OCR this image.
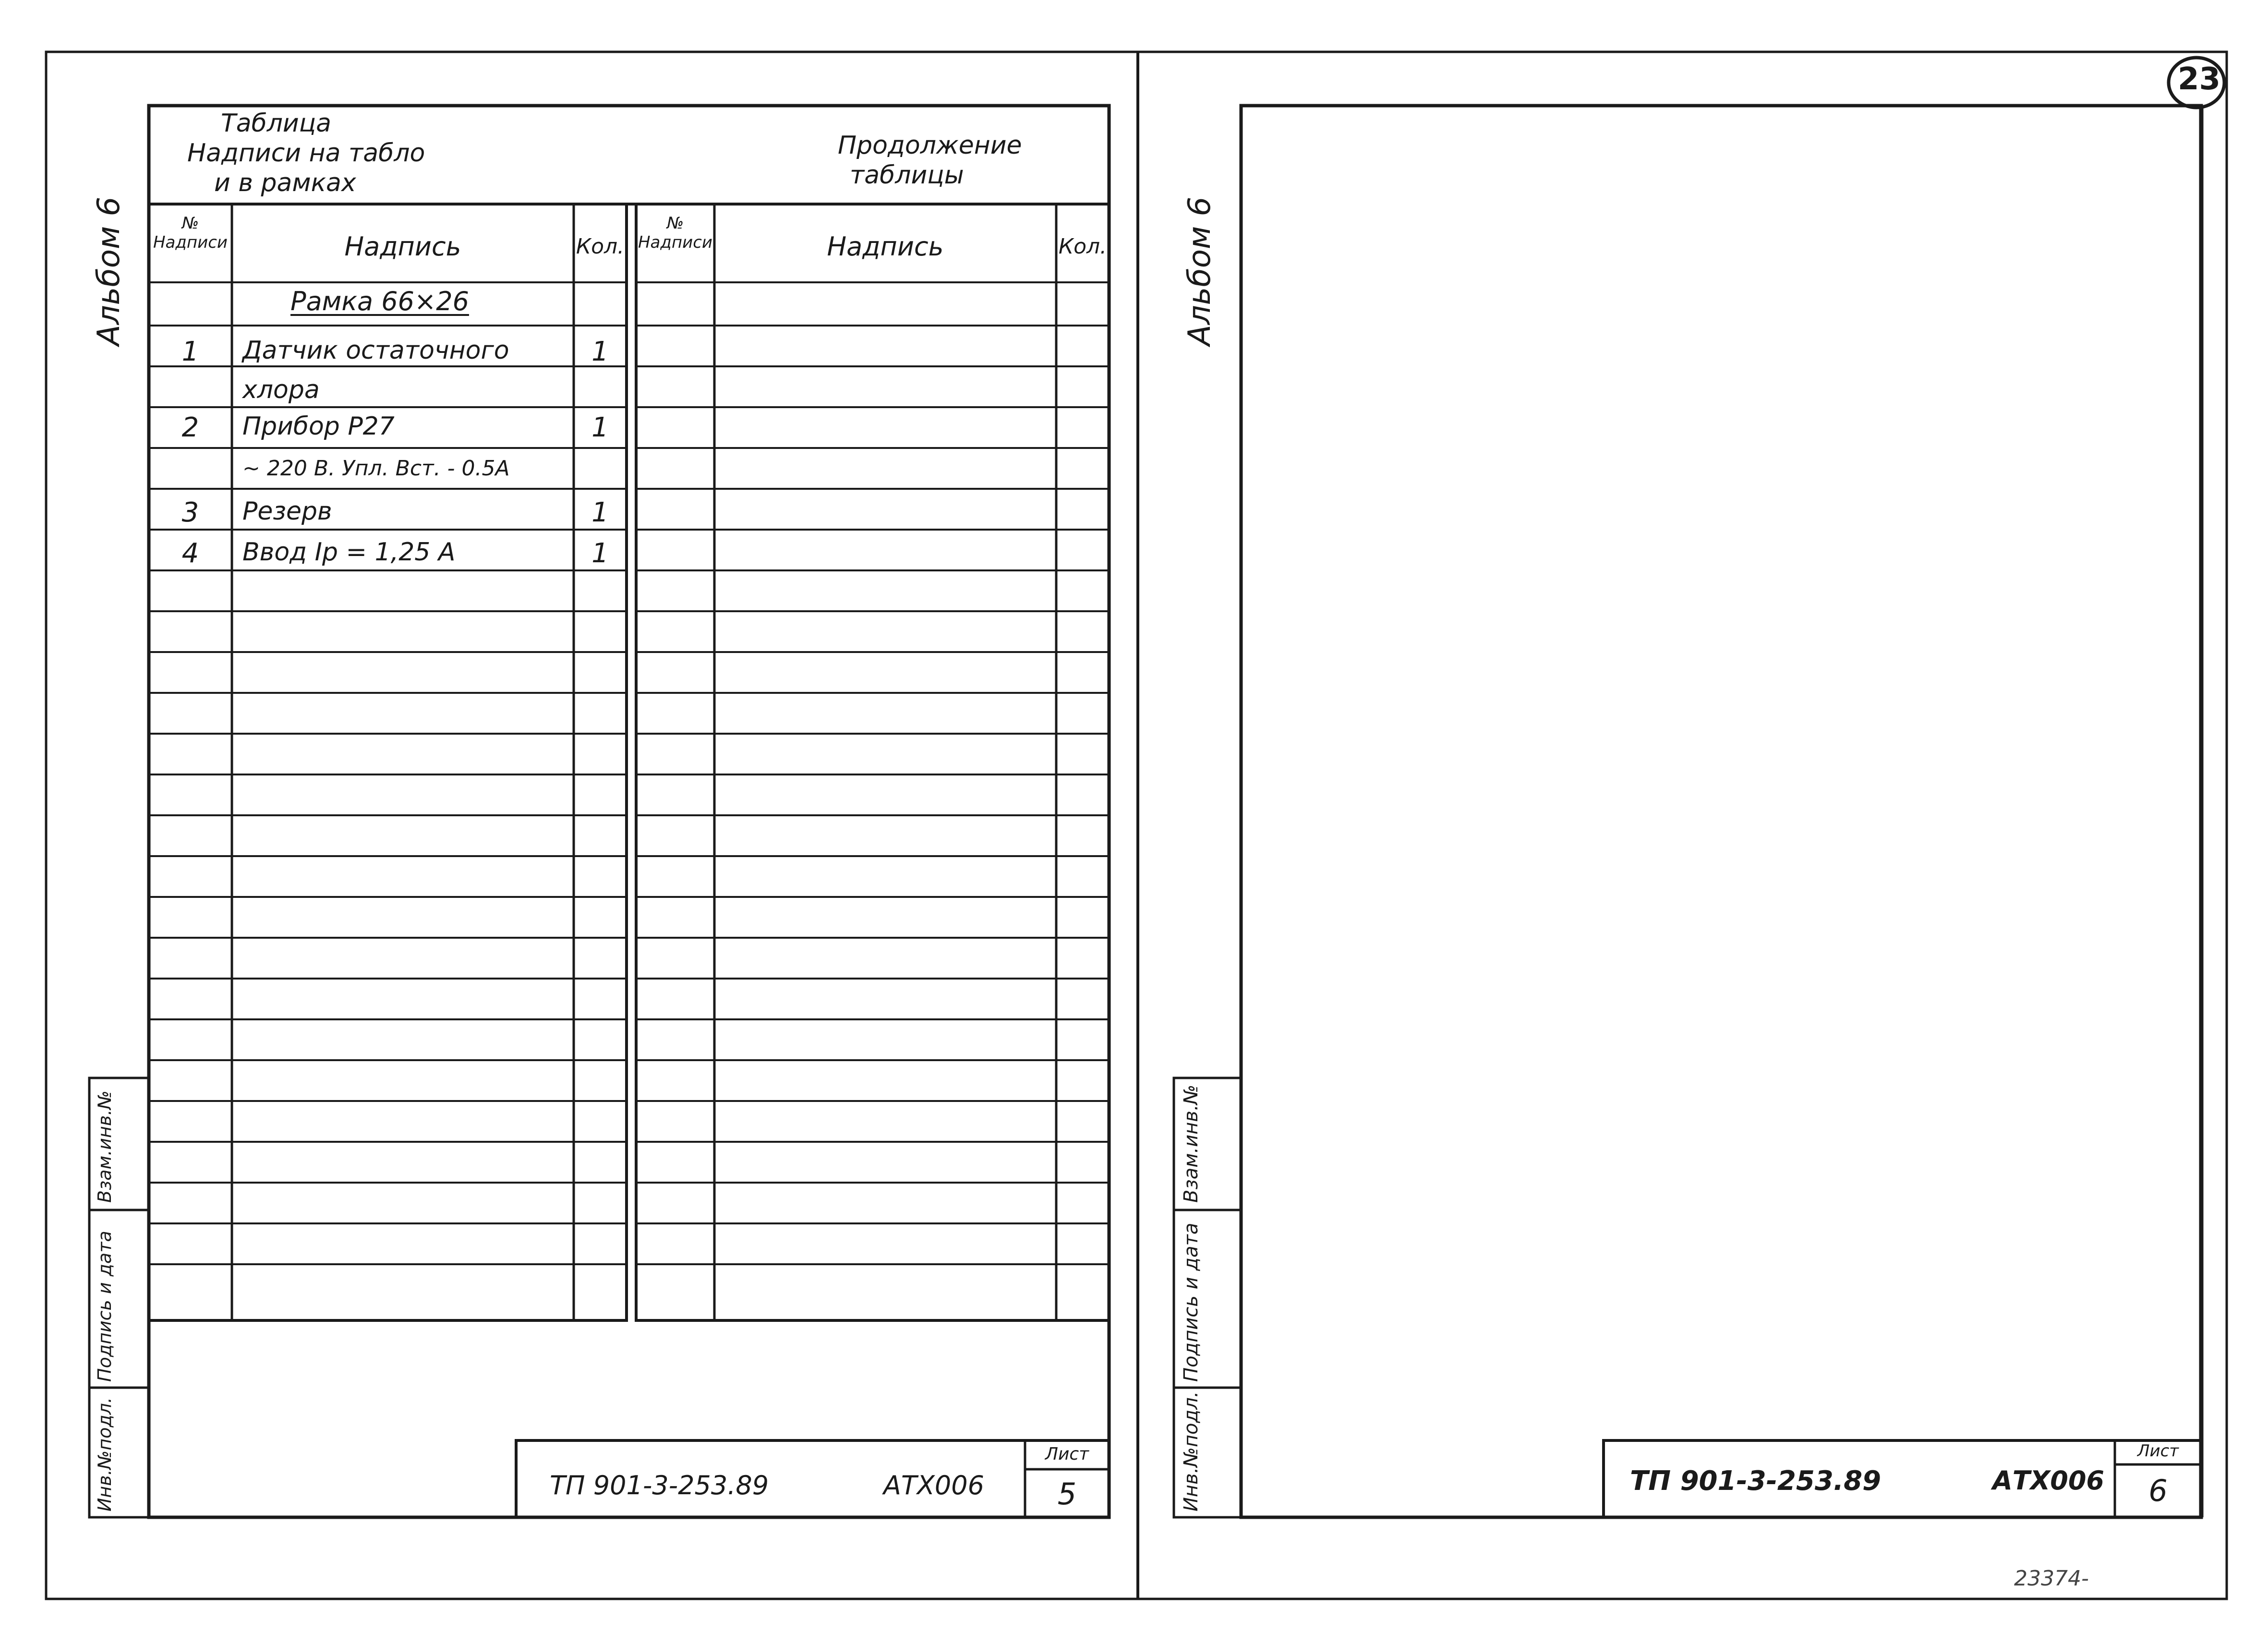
23
Альбом 6
Таблица
Надписи на табло
и в рамках
Продолжение
таблицы
№
Надписи	Надпись	Кол.
№
Надписи	Надпись	Кол.
Рамка 66×26
1	Датчик остаточного	1
хлора
2	Прибор Р27	1
~ 220 В. Упл. Вст. - 0.5А
3	Резерв	1
4	Ввод Iр = 1,25 А	1
Взам.инв.№
Подпись и дата
Инв.№подл.	ТП 901-3-253.89	АТХ006
Лист
5
Альбом 6
Взам.инв.№
Подпись и дата
Инв.№подл.	ТП 901-3-253.89	АТХ006
Лист
6
23374-
